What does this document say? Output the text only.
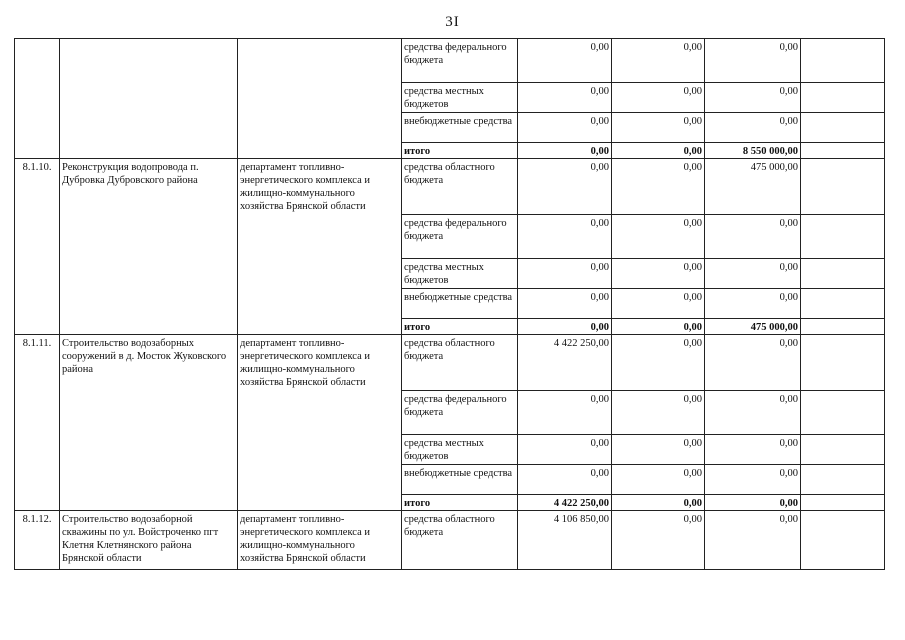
3I
			средства федерального бюджета	0,00	0,00	0,00	
			средства местных бюджетов	0,00	0,00	0,00	
			внебюджетные средства	0,00	0,00	0,00	
			итого	0,00	0,00	8 550 000,00	
8.1.10.	Реконструкция водопровода п. Дубровка Дубровского района	департамент топливно-энергетического комплекса и жилищно-коммунального хозяйства Брянской области	средства областного бюджета	0,00	0,00	475 000,00	
			средства федерального бюджета	0,00	0,00	0,00	
			средства местных бюджетов	0,00	0,00	0,00	
			внебюджетные средства	0,00	0,00	0,00	
			итого	0,00	0,00	475 000,00	
8.1.11.	Строительство водозаборных сооружений в д. Мосток Жуковского района	департамент топливно-энергетического комплекса и жилищно-коммунального хозяйства Брянской области	средства областного бюджета	4 422 250,00	0,00	0,00	
			средства федерального бюджета	0,00	0,00	0,00	
			средства местных бюджетов	0,00	0,00	0,00	
			внебюджетные средства	0,00	0,00	0,00	
			итого	4 422 250,00	0,00	0,00	
8.1.12.	Строительство водозаборной скважины по ул. Войстроченко пгт Клетня Клетнянского района Брянской области	департамент топливно-энергетического комплекса и жилищно-коммунального хозяйства Брянской области	средства областного бюджета	4 106 850,00	0,00	0,00	
